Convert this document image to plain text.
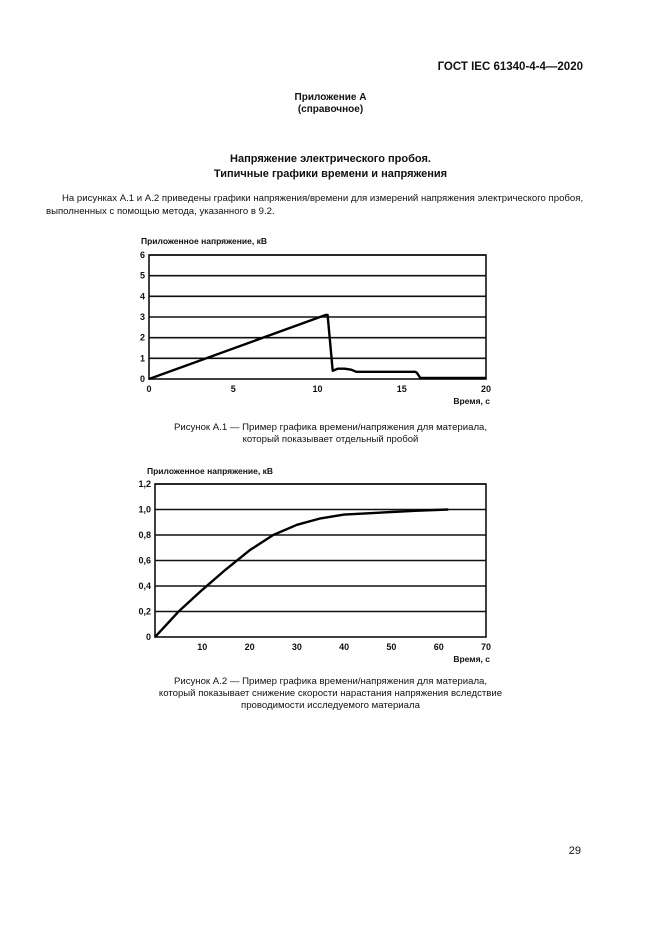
ГОСТ IEC 61340-4-4—2020
Приложение А
(справочное)
Напряжение электрического пробоя.
Типичные графики времени и напряжения
На рисунках А.1 и А.2 приведены графики напряжения/времени для измерений напряжения электрического пробоя, выполненных с помощью метода, указанного в 9.2.
Приложенное напряжение, кВ
0
1
2
3
4
5
6
0	5	10	15	20
Время, с
Рисунок А.1 — Пример графика времени/напряжения для материала,
который показывает отдельный пробой
Приложенное напряжение, кВ
0
0,2
0,4
0,6
0,8
1,0
1,2
10	20	30	40	50	60	70
Время, с
Рисунок А.2 — Пример графика времени/напряжения для материала,
который показывает снижение скорости нарастания напряжения вследствие
проводимости исследуемого материала
29
